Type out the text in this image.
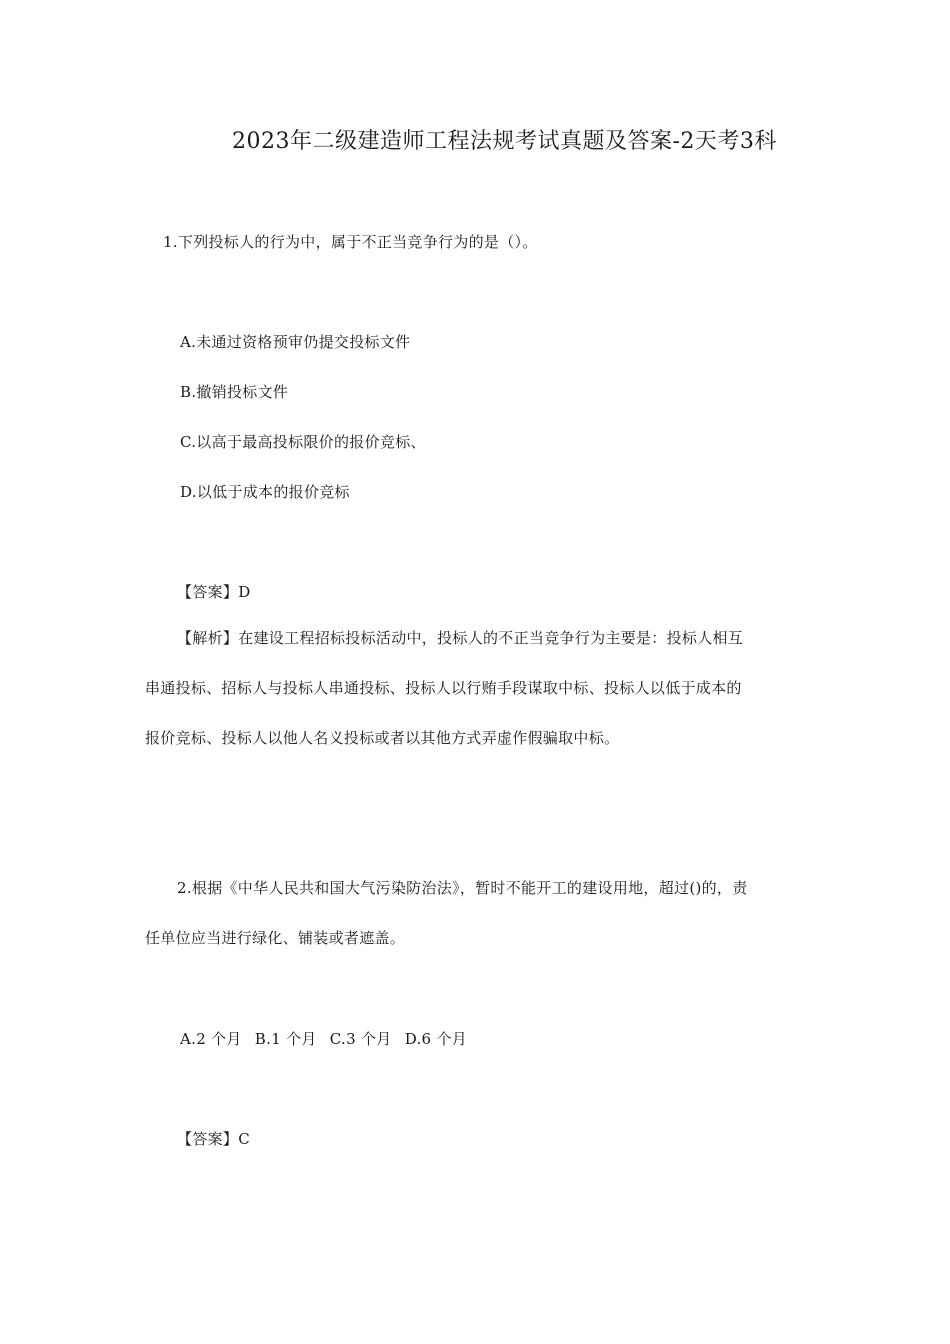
2023年二级建造师工程法规考试真题及答案-2天考3科
1.下列投标人的行为中，属于不正当竞争行为的是（）。
A.未通过资格预审仍提交投标文件
B.撤销投标文件
C.以高于最高投标限价的报价竞标、
D.以低于成本的报价竞标
【答案】D
【解析】在建设工程招标投标活动中，投标人的不正当竞争行为主要是：投标人相互串通投标、招标人与投标人串通投标、投标人以行贿手段谋取中标、投标人以低于成本的报价竞标、投标人以他人名义投标或者以其他方式弄虚作假骗取中标。
2.根据《中华人民共和国大气污染防治法》，暂时不能开工的建设用地，超过()的，责任单位应当进行绿化、铺装或者遮盖。
A.2 个月 B.1 个月 C.3 个月 D.6 个月
【答案】C
